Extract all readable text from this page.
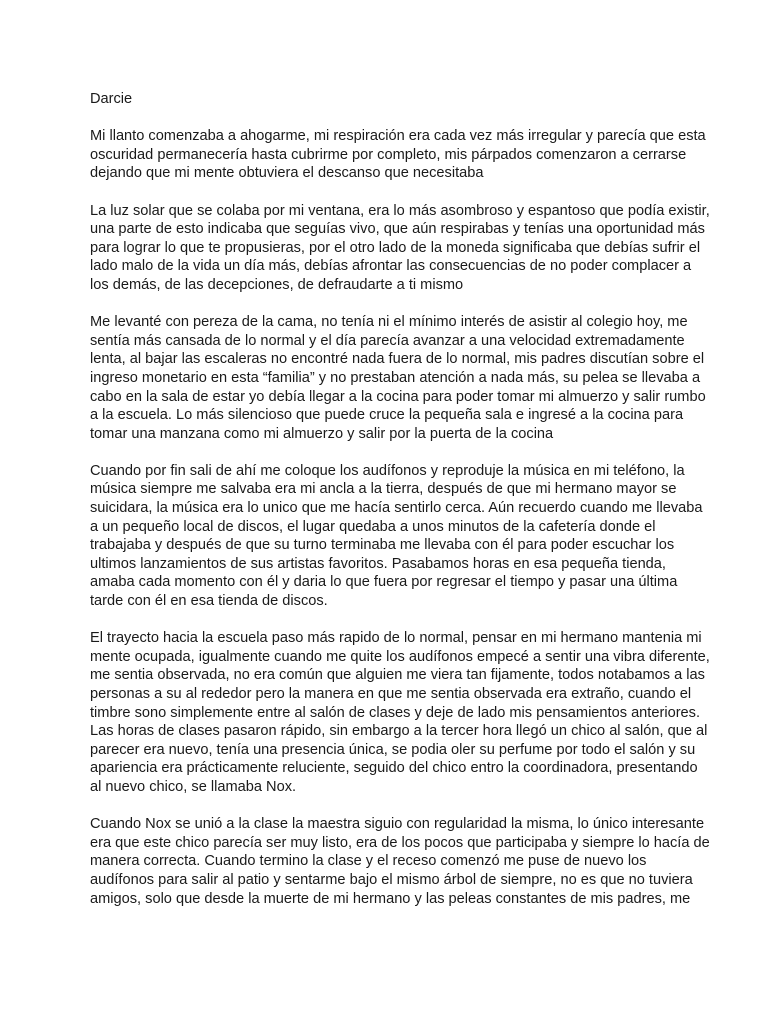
Darcie
Mi llanto comenzaba a ahogarme, mi respiración era cada vez más irregular y parecía que esta
oscuridad permanecería hasta cubrirme por completo, mis párpados comenzaron a cerrarse
dejando que mi mente obtuviera el descanso que necesitaba
La luz solar que se colaba por mi ventana, era lo más asombroso y espantoso que podía existir,
una parte de esto indicaba que seguías vivo, que aún respirabas y tenías una oportunidad más
para lograr lo que te propusieras, por el otro lado de la moneda significaba que debías sufrir el
lado malo de la vida un día más, debías afrontar las consecuencias de no poder complacer a
los demás, de las decepciones, de defraudarte a ti mismo
Me levanté con pereza de la cama, no tenía ni el mínimo interés de asistir al colegio hoy, me
sentía más cansada de lo normal y el día parecía avanzar a una velocidad extremadamente
lenta, al bajar las escaleras no encontré nada fuera de lo normal, mis padres discutían sobre el
ingreso monetario en esta “familia” y no prestaban atención a nada más, su pelea se llevaba a
cabo en la sala de estar yo debía llegar a la cocina para poder tomar mi almuerzo y salir rumbo
a la escuela. Lo más silencioso que puede cruce la pequeña sala e ingresé a la cocina para
tomar una manzana como mi almuerzo y salir por la puerta de la cocina
Cuando por fin sali de ahí me coloque los audífonos y reproduje la música en mi teléfono, la
música siempre me salvaba era mi ancla a la tierra, después de que mi hermano mayor se
suicidara, la música era lo unico que me hacía sentirlo cerca. Aún recuerdo cuando me llevaba
a un pequeño local de discos, el lugar quedaba a unos minutos de la cafetería donde el
trabajaba y después de que su turno terminaba me llevaba con él para poder escuchar los
ultimos lanzamientos de sus artistas favoritos. Pasabamos horas en esa pequeña tienda,
amaba cada momento con él y daria lo que fuera por regresar el tiempo y pasar una última
tarde con él en esa tienda de discos.
El trayecto hacia la escuela paso más rapido de lo normal, pensar en mi hermano mantenia mi
mente ocupada, igualmente cuando me quite los audífonos empecé a sentir una vibra diferente,
me sentia observada, no era común que alguien me viera tan fijamente, todos notabamos a las
personas a su al rededor pero la manera en que me sentia observada era extraño, cuando el
timbre sono simplemente entre al salón de clases y deje de lado mis pensamientos anteriores.
Las horas de clases pasaron rápido, sin embargo a la tercer hora llegó un chico al salón, que al
parecer era nuevo, tenía una presencia única, se podia oler su perfume por todo el salón y su
apariencia era prácticamente reluciente, seguido del chico entro la coordinadora, presentando
al nuevo chico, se llamaba Nox.
Cuando Nox se unió a la clase la maestra siguio con regularidad la misma, lo único interesante
era que este chico parecía ser muy listo, era de los pocos que participaba y siempre lo hacía de
manera correcta. Cuando termino la clase y el receso comenzó me puse de nuevo los
audífonos para salir al patio y sentarme bajo el mismo árbol de siempre, no es que no tuviera
amigos, solo que desde la muerte de mi hermano y las peleas constantes de mis padres, me
